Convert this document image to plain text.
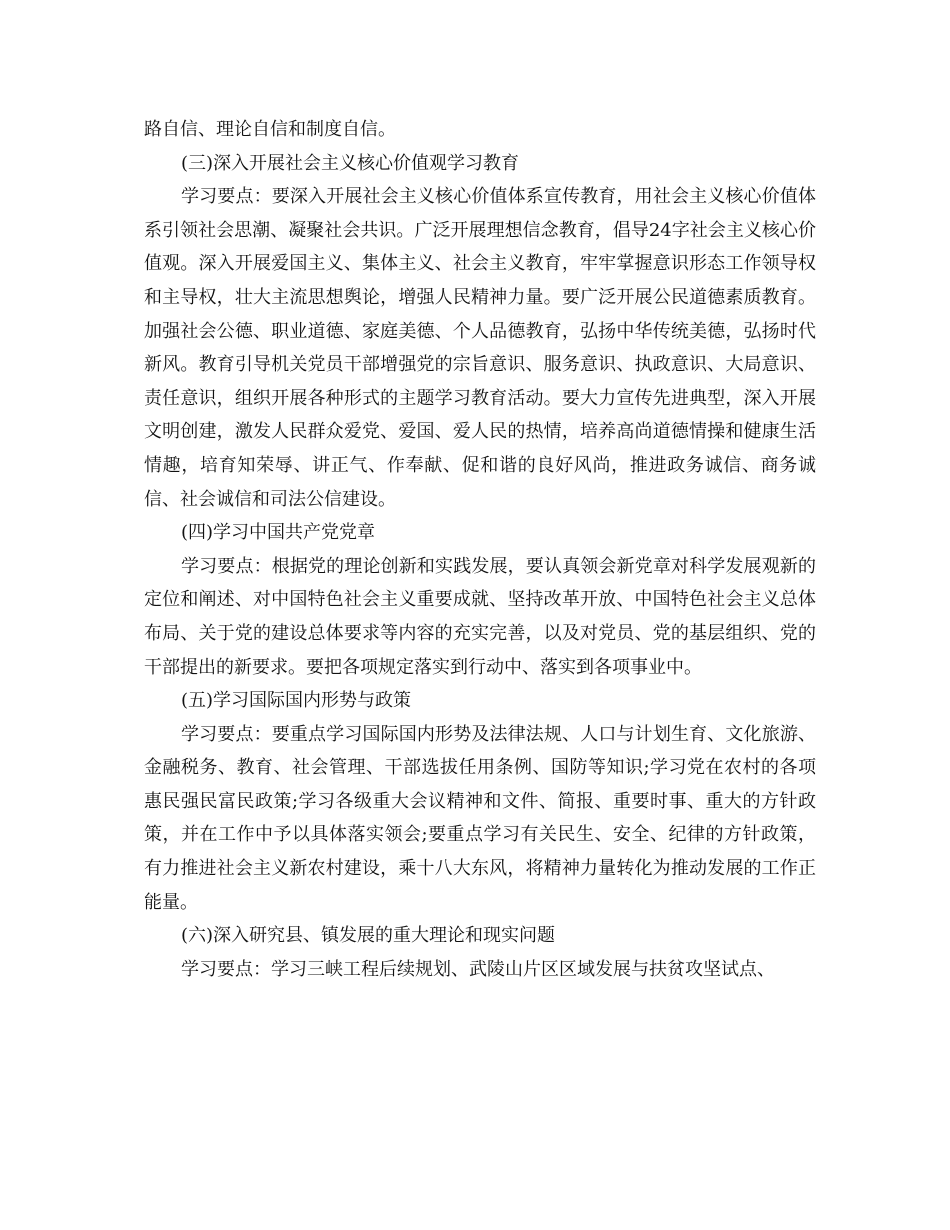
路自信、理论自信和制度自信。

(三)深入开展社会主义核心价值观学习教育

学习要点：要深入开展社会主义核心价值体系宣传教育，用社会主义核心价值体系引领社会思潮、凝聚社会共识。广泛开展理想信念教育，倡导24字社会主义核心价值观。深入开展爱国主义、集体主义、社会主义教育，牢牢掌握意识形态工作领导权和主导权，壮大主流思想舆论，增强人民精神力量。要广泛开展公民道德素质教育。加强社会公德、职业道德、家庭美德、个人品德教育，弘扬中华传统美德，弘扬时代新风。教育引导机关党员干部增强党的宗旨意识、服务意识、执政意识、大局意识、责任意识，组织开展各种形式的主题学习教育活动。要大力宣传先进典型，深入开展文明创建，激发人民群众爱党、爱国、爱人民的热情，培养高尚道德情操和健康生活情趣，培育知荣辱、讲正气、作奉献、促和谐的良好风尚，推进政务诚信、商务诚信、社会诚信和司法公信建设。

(四)学习中国共产党党章

学习要点：根据党的理论创新和实践发展，要认真领会新党章对科学发展观新的定位和阐述、对中国特色社会主义重要成就、坚持改革开放、中国特色社会主义总体布局、关于党的建设总体要求等内容的充实完善，以及对党员、党的基层组织、党的干部提出的新要求。要把各项规定落实到行动中、落实到各项事业中。

(五)学习国际国内形势与政策

学习要点：要重点学习国际国内形势及法律法规、人口与计划生育、文化旅游、金融税务、教育、社会管理、干部选拔任用条例、国防等知识;学习党在农村的各项惠民强民富民政策;学习各级重大会议精神和文件、简报、重要时事、重大的方针政策，并在工作中予以具体落实领会;要重点学习有关民生、安全、纪律的方针政策，有力推进社会主义新农村建设，乘十八大东风，将精神力量转化为推动发展的工作正能量。

(六)深入研究县、镇发展的重大理论和现实问题

学习要点：学习三峡工程后续规划、武陵山片区区域发展与扶贫攻坚试点、
